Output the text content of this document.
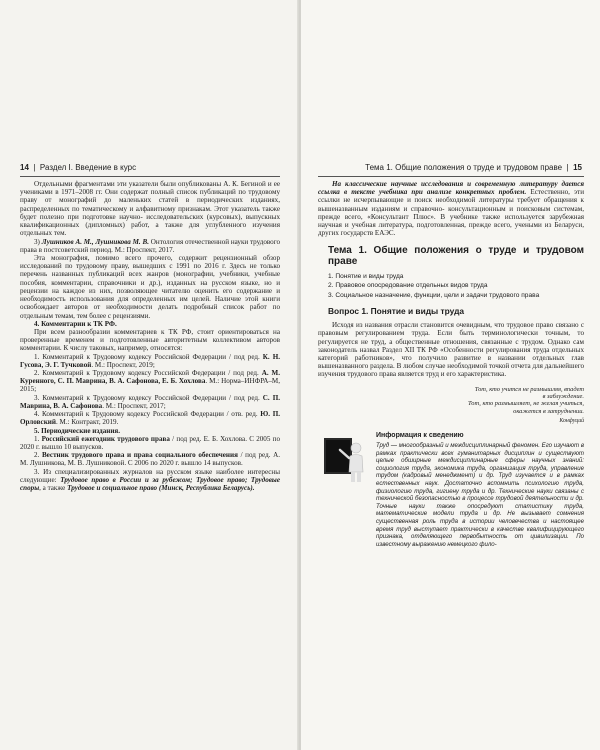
14  |  Раздел I. Введение в курс

Отдельными фрагментами эти указатели были опубликованы А. К. Бегиной и ее учениками в 1971–2008 гг. Они содержат полный список публикаций по трудовому праву от монографий до маленьких статей в периодических изданиях, распределенных по тематическому и алфавитному признакам. Этот указатель также будет полезно при подготовке научно- исследовательских (курсовых), выпускных квалификационных (дипломных) работ, а также для углубленного изучения отдельных тем.

3) Лушников А. М., Лушникова М. В. Онтология отечественной науки трудового права в постсоветский период. М.: Проспект, 2017.

Эта монография, помимо всего прочего, содержит рецензионный обзор исследований по трудовому праву, вышедших с 1991 по 2016 г. Здесь не только перечень названных публикаций всех жанров (монографии, учебники, учебные пособия, комментарии, справочники и др.), изданных на русском языке, но и рецензии на каждое из них, позволяющее читателю оценить его содержание и необходимость использования для определенных им целей. Наличие этой книги освобождает авторов от необходимости делать подробный список работ по отдельным темам, тем более с рецензиями.

4. Комментарии к ТК РФ.

При всем разнообразии комментариев к ТК РФ, стоит ориентироваться на проверенные временем и подготовленные авторитетным коллективом авторов комментарии. К числу таковых, например, относятся:

1. Комментарий к Трудовому кодексу Российской Федерации / под ред. К. Н. Гусова, Э. Г. Тучковой. М.: Проспект, 2019;

2. Комментарий к Трудовому кодексу Российской Федерации / под ред. А. М. Куренного, С. П. Маврина, В. А. Сафонова, Е. Б. Хохлова. М.: Норма–ИНФРА–М, 2015;

3. Комментарий к Трудовому кодексу Российской Федерации / под ред. С. П. Маврина, В. А. Сафонова. М.: Проспект, 2017;

4. Комментарий к Трудовому кодексу Российской Федерации / отв. ред. Ю. П. Орловский. М.: Контракт, 2019.

5. Периодические издания.

1. Российский ежегодник трудового права / под ред. Е. Б. Хохлова. С 2005 по 2020 г. вышло 10 выпусков.

2. Вестник трудового права и права социального обеспечения / под ред. А. М. Лушникова, М. В. Лушниковой. С 2006 по 2020 г. вышло 14 выпусков.

3. Из специализированных журналов на русском языке наиболее интересны следующие: Трудовое право в России и за рубежом; Трудовое право; Трудовые споры, а также Трудовое и социальное право (Минск, Республика Беларусь).

Тема 1. Общие положения о труде и трудовом праве  |  15

На классические научные исследования и современную литературу дается ссылка в тексте учебника при анализе конкретных проблем. Естественно, эти ссылки не исчерпывающие и поиск необходимой литературы требует обращения к вышеназванным изданиям и справочно- консультационным и поисковым системам, прежде всего, «Консультант Плюс». В учебнике также используется зарубежная научная и учебная литература, подготовленная, прежде всего, учеными из Беларуси, других государств ЕАЭС.

Тема 1. Общие положения о труде и трудовом праве
1. Понятие и виды труда
2. Правовое опосредование отдельных видов труда
3. Социальное назначение, функции, цели и задачи трудового права
Вопрос 1. Понятие и виды труда

Исходя из названия отрасли становится очевидным, что трудовое право связано с правовым регулированием труда. Если быть терминологически точным, то регулируется не труд, а общественные отношения, связанные с трудом. Однако сам законодатель назвал Раздел XII ТК РФ «Особенности регулирования труда отдельных категорий работников», что получило развитие в названии отдельных глав вышеназванного раздела. В любом случае необходимой точкой отчета для дальнейшего изучения трудового права является труд и его характеристика.

Тот, кто учится не размышляя, впадет
в заблуждение.
Тот, кто размышляет, не желая учиться,
окажется в затруднении.
Конфуций
Информация к сведению
Труд — многообразный и междисциплинарный феномен. Его изучают в рамках практически всех гуманитарных дисциплин и существуют целые обширные междисциплинарные сферы научных знаний: социология труда, экономика труда, организация труда, управление трудом (кадровый менеджмент) и др. Труд изучается и в рамках естественных наук. Достаточно вспомнить психологию труда, физиологию труда, гигиену труда и др. Технические науки связаны с технической безопасностью в процессе трудовой деятельности и др. Точные науки также опосредуют статистику труда, математические модели труда и др. Не вызывает сомнения существенная роль труда в истории человечества и настоящее время труд выступает практически в качестве квалифицирующего признака, отделяющего первобытность от цивилизации. По известному выражению немецкого фило-
